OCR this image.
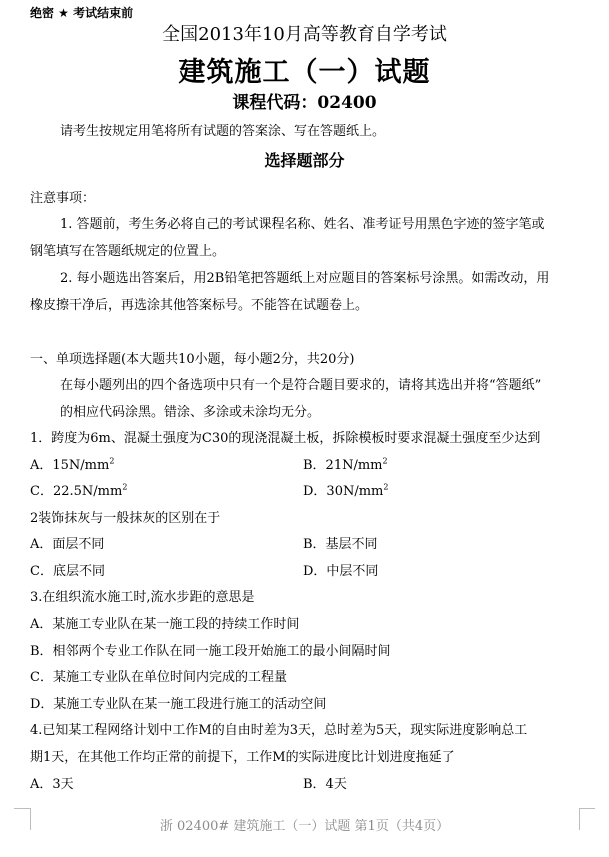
绝密 ★ 考试结束前
全国2013年10月高等教育自学考试
建筑施工（一）试题
课程代码：02400
请考生按规定用笔将所有试题的答案涂、写在答题纸上。
选择题部分
注意事项：
1. 答题前，考生务必将自己的考试课程名称、姓名、准考证号用黑色字迹的签字笔或
钢笔填写在答题纸规定的位置上。
2. 每小题选出答案后，用2B铅笔把答题纸上对应题目的答案标号涂黑。如需改动，用
橡皮擦干净后，再选涂其他答案标号。不能答在试题卷上。
一、单项选择题(本大题共10小题，每小题2分，共20分)
在每小题列出的四个备选项中只有一个是符合题目要求的，请将其选出并将“答题纸”
的相应代码涂黑。错涂、多涂或未涂均无分。
1．跨度为6m、混凝土强度为C30的现浇混凝土板，拆除模板时要求混凝土强度至少达到
A．$15N/mm^2$	B．$21N/mm^2$
C．$22.5N/mm^2$	D．$30N/mm^2$
2装饰抹灰与一般抹灰的区别在于
A．面层不同	B．基层不同
C．底层不同	D．中层不同
3.在组织流水施工时,流水步距的意思是
A．某施工专业队在某一施工段的持续工作时间
B．相邻两个专业工作队在同一施工段开始施工的最小间隔时间
C．某施工专业队在单位时间内完成的工程量
D．某施工专业队在某一施工段进行施工的活动空间
4.已知某工程网络计划中工作M的自由时差为3天，总时差为5天，现实际进度影响总工
期1天，在其他工作均正常的前提下，工作M的实际进度比计划进度拖延了
A．3天	B．4天
浙 02400# 建筑施工（一）试题 第1页（共4页）
